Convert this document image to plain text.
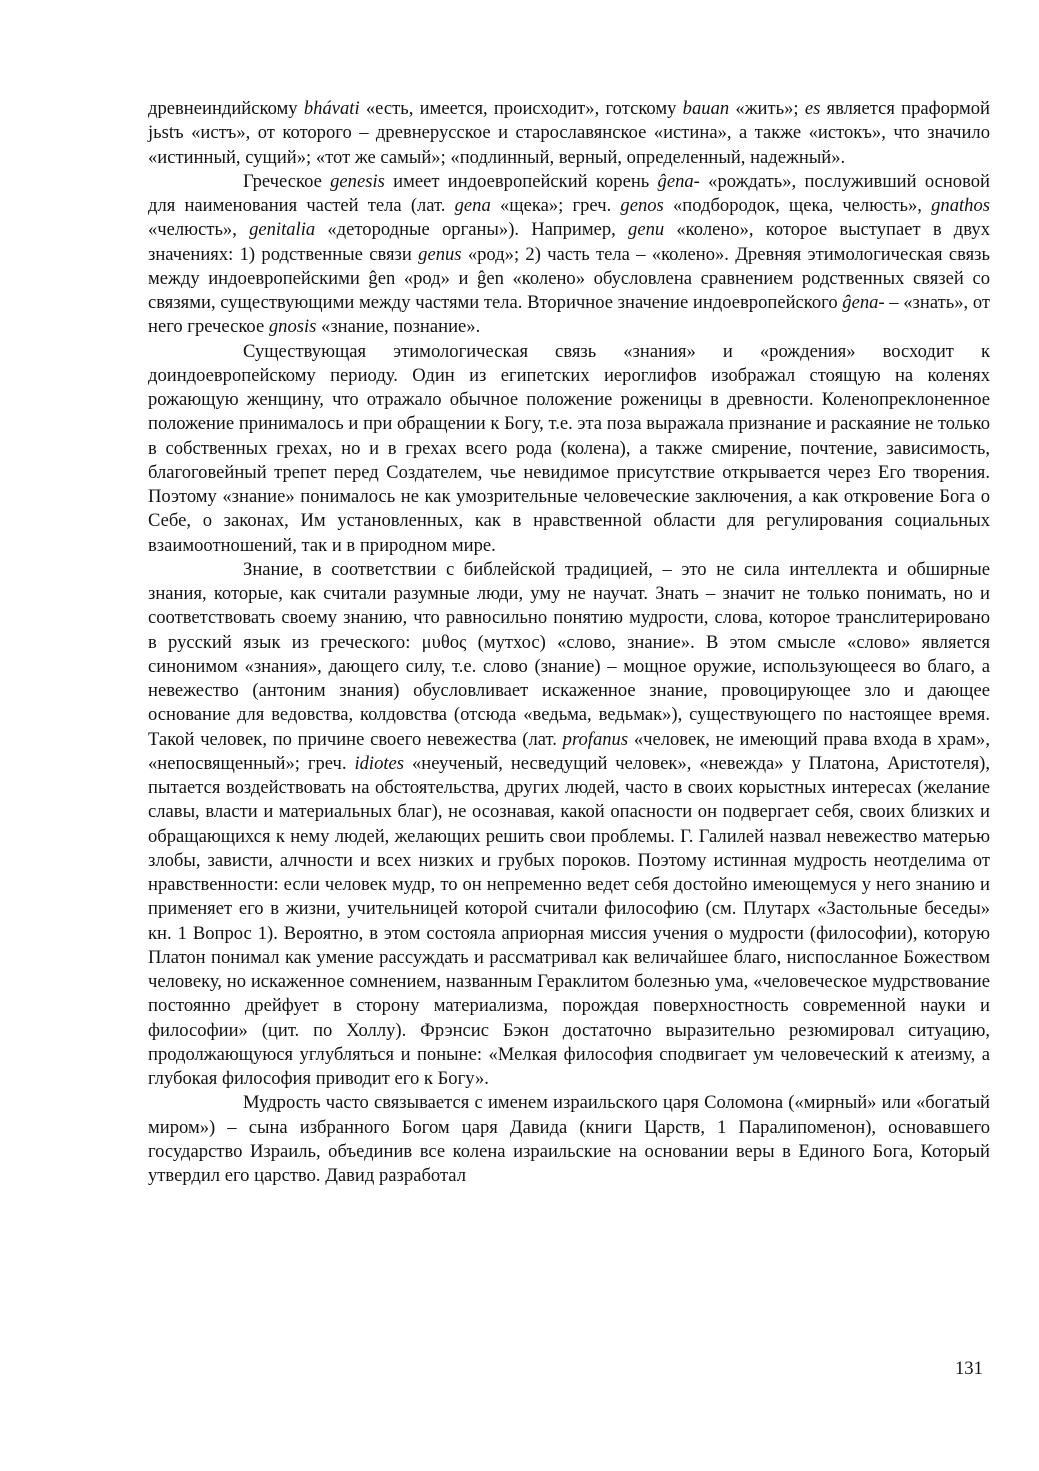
древнеиндийскому bhávati «есть, имеется, происходит», готскому bauan «жить»; es является праформой jьstъ «истъ», от которого – древнерусское и старославянское «истина», а также «истокъ», что значило «истинный, сущий»; «тот же самый»; «подлинный, верный, определенный, надежный».

Греческое genesis имеет индоевропейский корень ĝena- «рождать», послуживший основой для наименования частей тела (лат. gena «щека»; греч. genos «подбородок, щека, челюсть», gnathos «челюсть», genitalia «детородные органы»). Например, genu «колено», которое выступает в двух значениях: 1) родственные связи genus «род»; 2) часть тела – «колено». Древняя этимологическая связь между индоевропейскими ĝen «род» и ĝen «колено» обусловлена сравнением родственных связей со связями, существующими между частями тела. Вторичное значение индоевропейского ĝena- – «знать», от него греческое gnosis «знание, познание».

Существующая этимологическая связь «знания» и «рождения» восходит к доиндоевропейскому периоду. Один из египетских иероглифов изображал стоящую на коленях рожающую женщину, что отражало обычное положение роженицы в древности. Коленопреклоненное положение принималось и при обращении к Богу, т.е. эта поза выражала признание и раскаяние не только в собственных грехах, но и в грехах всего рода (колена), а также смирение, почтение, зависимость, благоговейный трепет перед Создателем, чье невидимое присутствие открывается через Его творения. Поэтому «знание» понималось не как умозрительные человеческие заключения, а как откровение Бога о Себе, о законах, Им установленных, как в нравственной области для регулирования социальных взаимоотношений, так и в природном мире.

Знание, в соответствии с библейской традицией, – это не сила интеллекта и обширные знания, которые, как считали разумные люди, уму не научат. Знать – значит не только понимать, но и соответствовать своему знанию, что равносильно понятию мудрости, слова, которое транслитерировано в русский язык из греческого: μυθος (мутхос) «слово, знание». В этом смысле «слово» является синонимом «знания», дающего силу, т.е. слово (знание) – мощное оружие, использующееся во благо, а невежество (антоним знания) обусловливает искаженное знание, провоцирующее зло и дающее основание для ведовства, колдовства (отсюда «ведьма, ведьмак»), существующего по настоящее время. Такой человек, по причине своего невежества (лат. profanus «человек, не имеющий права входа в храм», «непосвященный»; греч. idiotes «неученый, несведущий человек», «невежда» у Платона, Аристотеля), пытается воздействовать на обстоятельства, других людей, часто в своих корыстных интересах (желание славы, власти и материальных благ), не осознавая, какой опасности он подвергает себя, своих близких и обращающихся к нему людей, желающих решить свои проблемы. Г. Галилей назвал невежество матерью злобы, зависти, алчности и всех низких и грубых пороков. Поэтому истинная мудрость неотделима от нравственности: если человек мудр, то он непременно ведет себя достойно имеющемуся у него знанию и применяет его в жизни, учительницей которой считали философию (см. Плутарх «Застольные беседы» кн. 1 Вопрос 1). Вероятно, в этом состояла априорная миссия учения о мудрости (философии), которую Платон понимал как умение рассуждать и рассматривал как величайшее благо, ниспосланное Божеством человеку, но искаженное сомнением, названным Гераклитом болезнью ума, «человеческое мудрствование постоянно дрейфует в сторону материализма, порождая поверхностность современной науки и философии» (цит. по Холлу). Фрэнсис Бэкон достаточно выразительно резюмировал ситуацию, продолжающуюся углубляться и поныне: «Мелкая философия сподвигает ум человеческий к атеизму, а глубокая философия приводит его к Богу».

Мудрость часто связывается с именем израильского царя Соломона («мирный» или «богатый миром») – сына избранного Богом царя Давида (книги Царств, 1 Паралипоменон), основавшего государство Израиль, объединив все колена израильские на основании веры в Единого Бога, Который утвердил его царство. Давид разработал

131
